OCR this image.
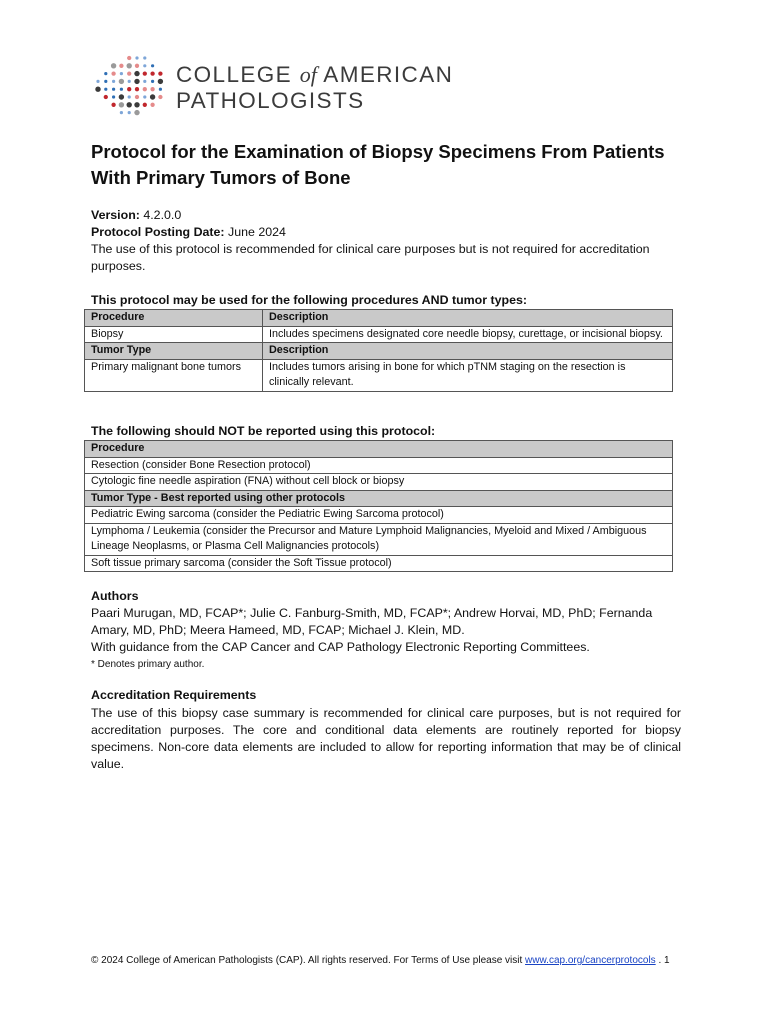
COLLEGE of AMERICAN
PATHOLOGISTS
Protocol for the Examination of Biopsy Specimens From Patients With Primary Tumors of Bone
Version: 4.2.0.0
Protocol Posting Date: June 2024
The use of this protocol is recommended for clinical care purposes but is not required for accreditation purposes.
This protocol may be used for the following procedures AND tumor types:
Procedure	Description
Biopsy	Includes specimens designated core needle biopsy, curettage, or incisional biopsy.
Tumor Type	Description
Primary malignant bone tumors	Includes tumors arising in bone for which pTNM staging on the resection is clinically relevant.
The following should NOT be reported using this protocol:
Procedure
Resection (consider Bone Resection protocol)
Cytologic fine needle aspiration (FNA) without cell block or biopsy
Tumor Type - Best reported using other protocols
Pediatric Ewing sarcoma (consider the Pediatric Ewing Sarcoma protocol)
Lymphoma / Leukemia (consider the Precursor and Mature Lymphoid Malignancies, Myeloid and Mixed / Ambiguous Lineage Neoplasms, or Plasma Cell Malignancies protocols)
Soft tissue primary sarcoma (consider the Soft Tissue protocol)
Authors
Paari Murugan, MD, FCAP*; Julie C. Fanburg-Smith, MD, FCAP*; Andrew Horvai, MD, PhD; Fernanda Amary, MD, PhD; Meera Hameed, MD, FCAP; Michael J. Klein, MD.
With guidance from the CAP Cancer and CAP Pathology Electronic Reporting Committees.
* Denotes primary author.
Accreditation Requirements
The use of this biopsy case summary is recommended for clinical care purposes, but is not required for accreditation purposes. The core and conditional data elements are routinely reported for biopsy specimens. Non-core data elements are included to allow for reporting information that may be of clinical value.
© 2024 College of American Pathologists (CAP). All rights reserved. For Terms of Use please visit www.cap.org/cancerprotocols . 1
